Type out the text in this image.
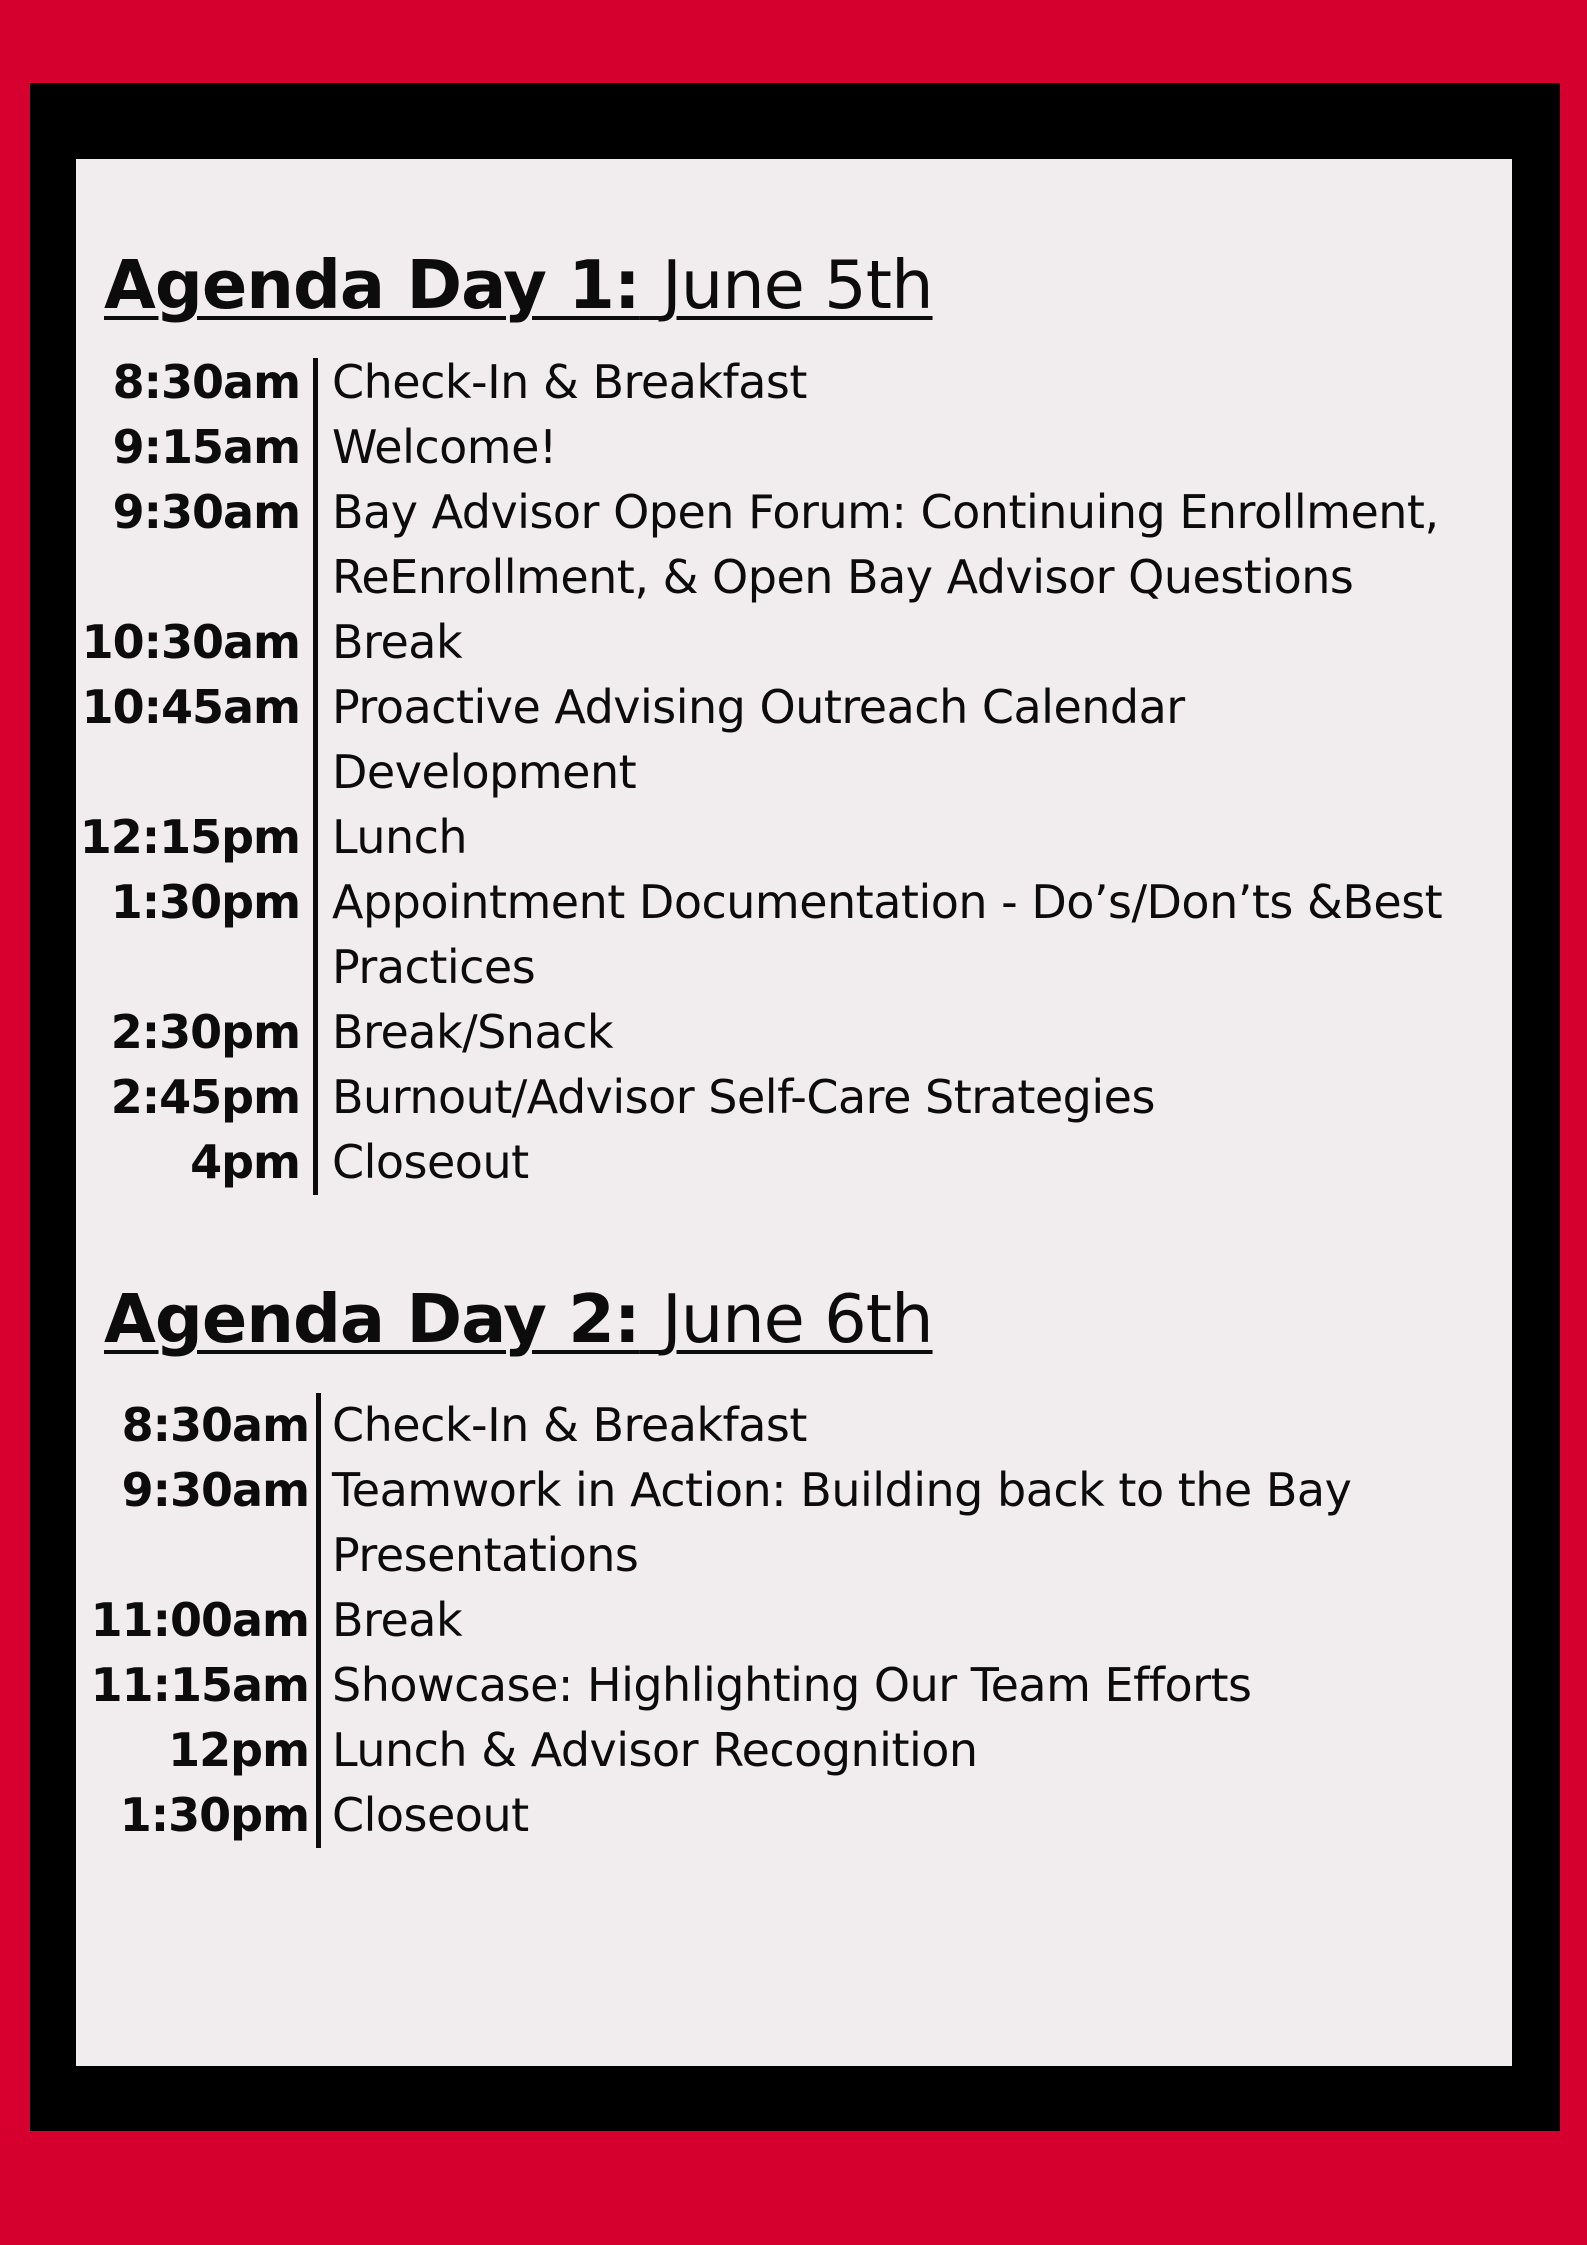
Agenda Day 1: June 5th
8:30am Check-In & Breakfast
9:15am Welcome!
9:30am Bay Advisor Open Forum: Continuing Enrollment,
ReEnrollment, & Open Bay Advisor Questions
10:30am Break
10:45am Proactive Advising Outreach Calendar
Development
12:15pm Lunch
1:30pm Appointment Documentation - Do’s/Don’ts &Best
Practices
2:30pm Break/Snack
2:45pm Burnout/Advisor Self-Care Strategies
4pm Closeout
Agenda Day 2: June 6th
8:30am Check-In & Breakfast
9:30am Teamwork in Action: Building back to the Bay
Presentations
11:00am Break
11:15am Showcase: Highlighting Our Team Efforts
12pm Lunch & Advisor Recognition
1:30pm Closeout
